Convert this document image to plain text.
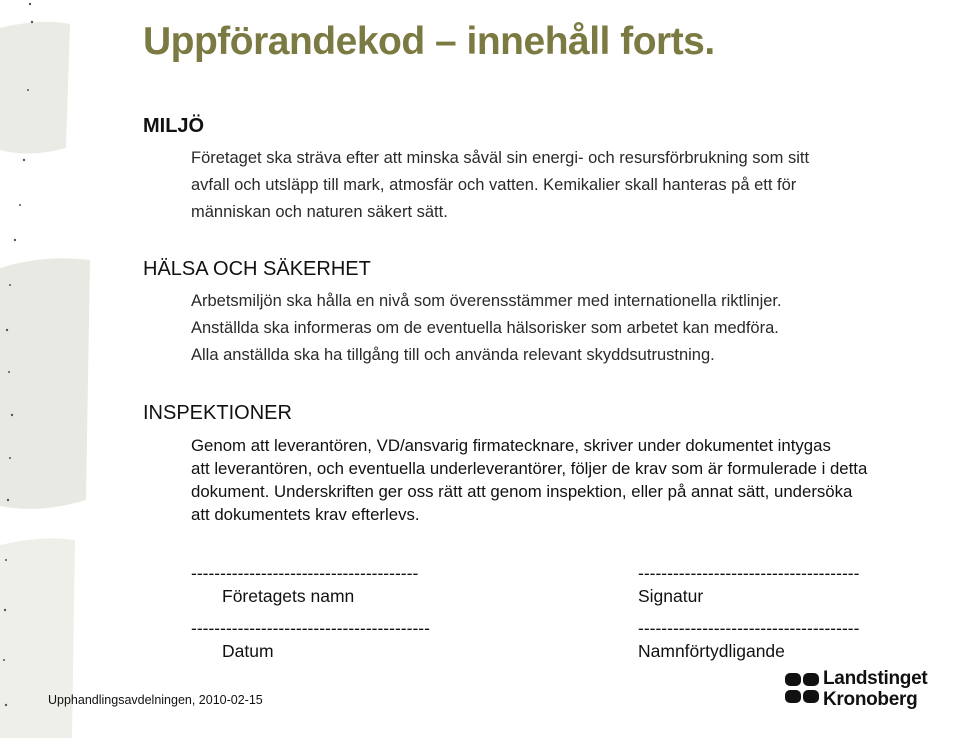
Uppförandekod – innehåll forts.
MILJÖ
Företaget ska sträva efter att minska såväl sin energi- och resursförbrukning som sitt
avfall och utsläpp till mark, atmosfär och vatten. Kemikalier skall hanteras på ett för
människan och naturen säkert sätt.
HÄLSA OCH SÄKERHET
Arbetsmiljön ska hålla en nivå som överensstämmer med internationella riktlinjer.
Anställda ska informeras om de eventuella hälsorisker som arbetet kan medföra.
Alla anställda ska ha tillgång till och använda relevant skyddsutrustning.
INSPEKTIONER
Genom att leverantören, VD/ansvarig firmatecknare, skriver under dokumentet intygas
att leverantören, och eventuella underleverantörer, följer de krav som är formulerade i detta
dokument. Underskriften ger oss rätt att genom inspektion, eller på annat sätt, undersöka
att dokumentets krav efterlevs.
---------------------------------------	--------------------------------------
Företagets namn	Signatur
-----------------------------------------	--------------------------------------
Datum	Namnförtydligande
Upphandlingsavdelningen, 2010-02-15
Landstinget
Kronoberg
